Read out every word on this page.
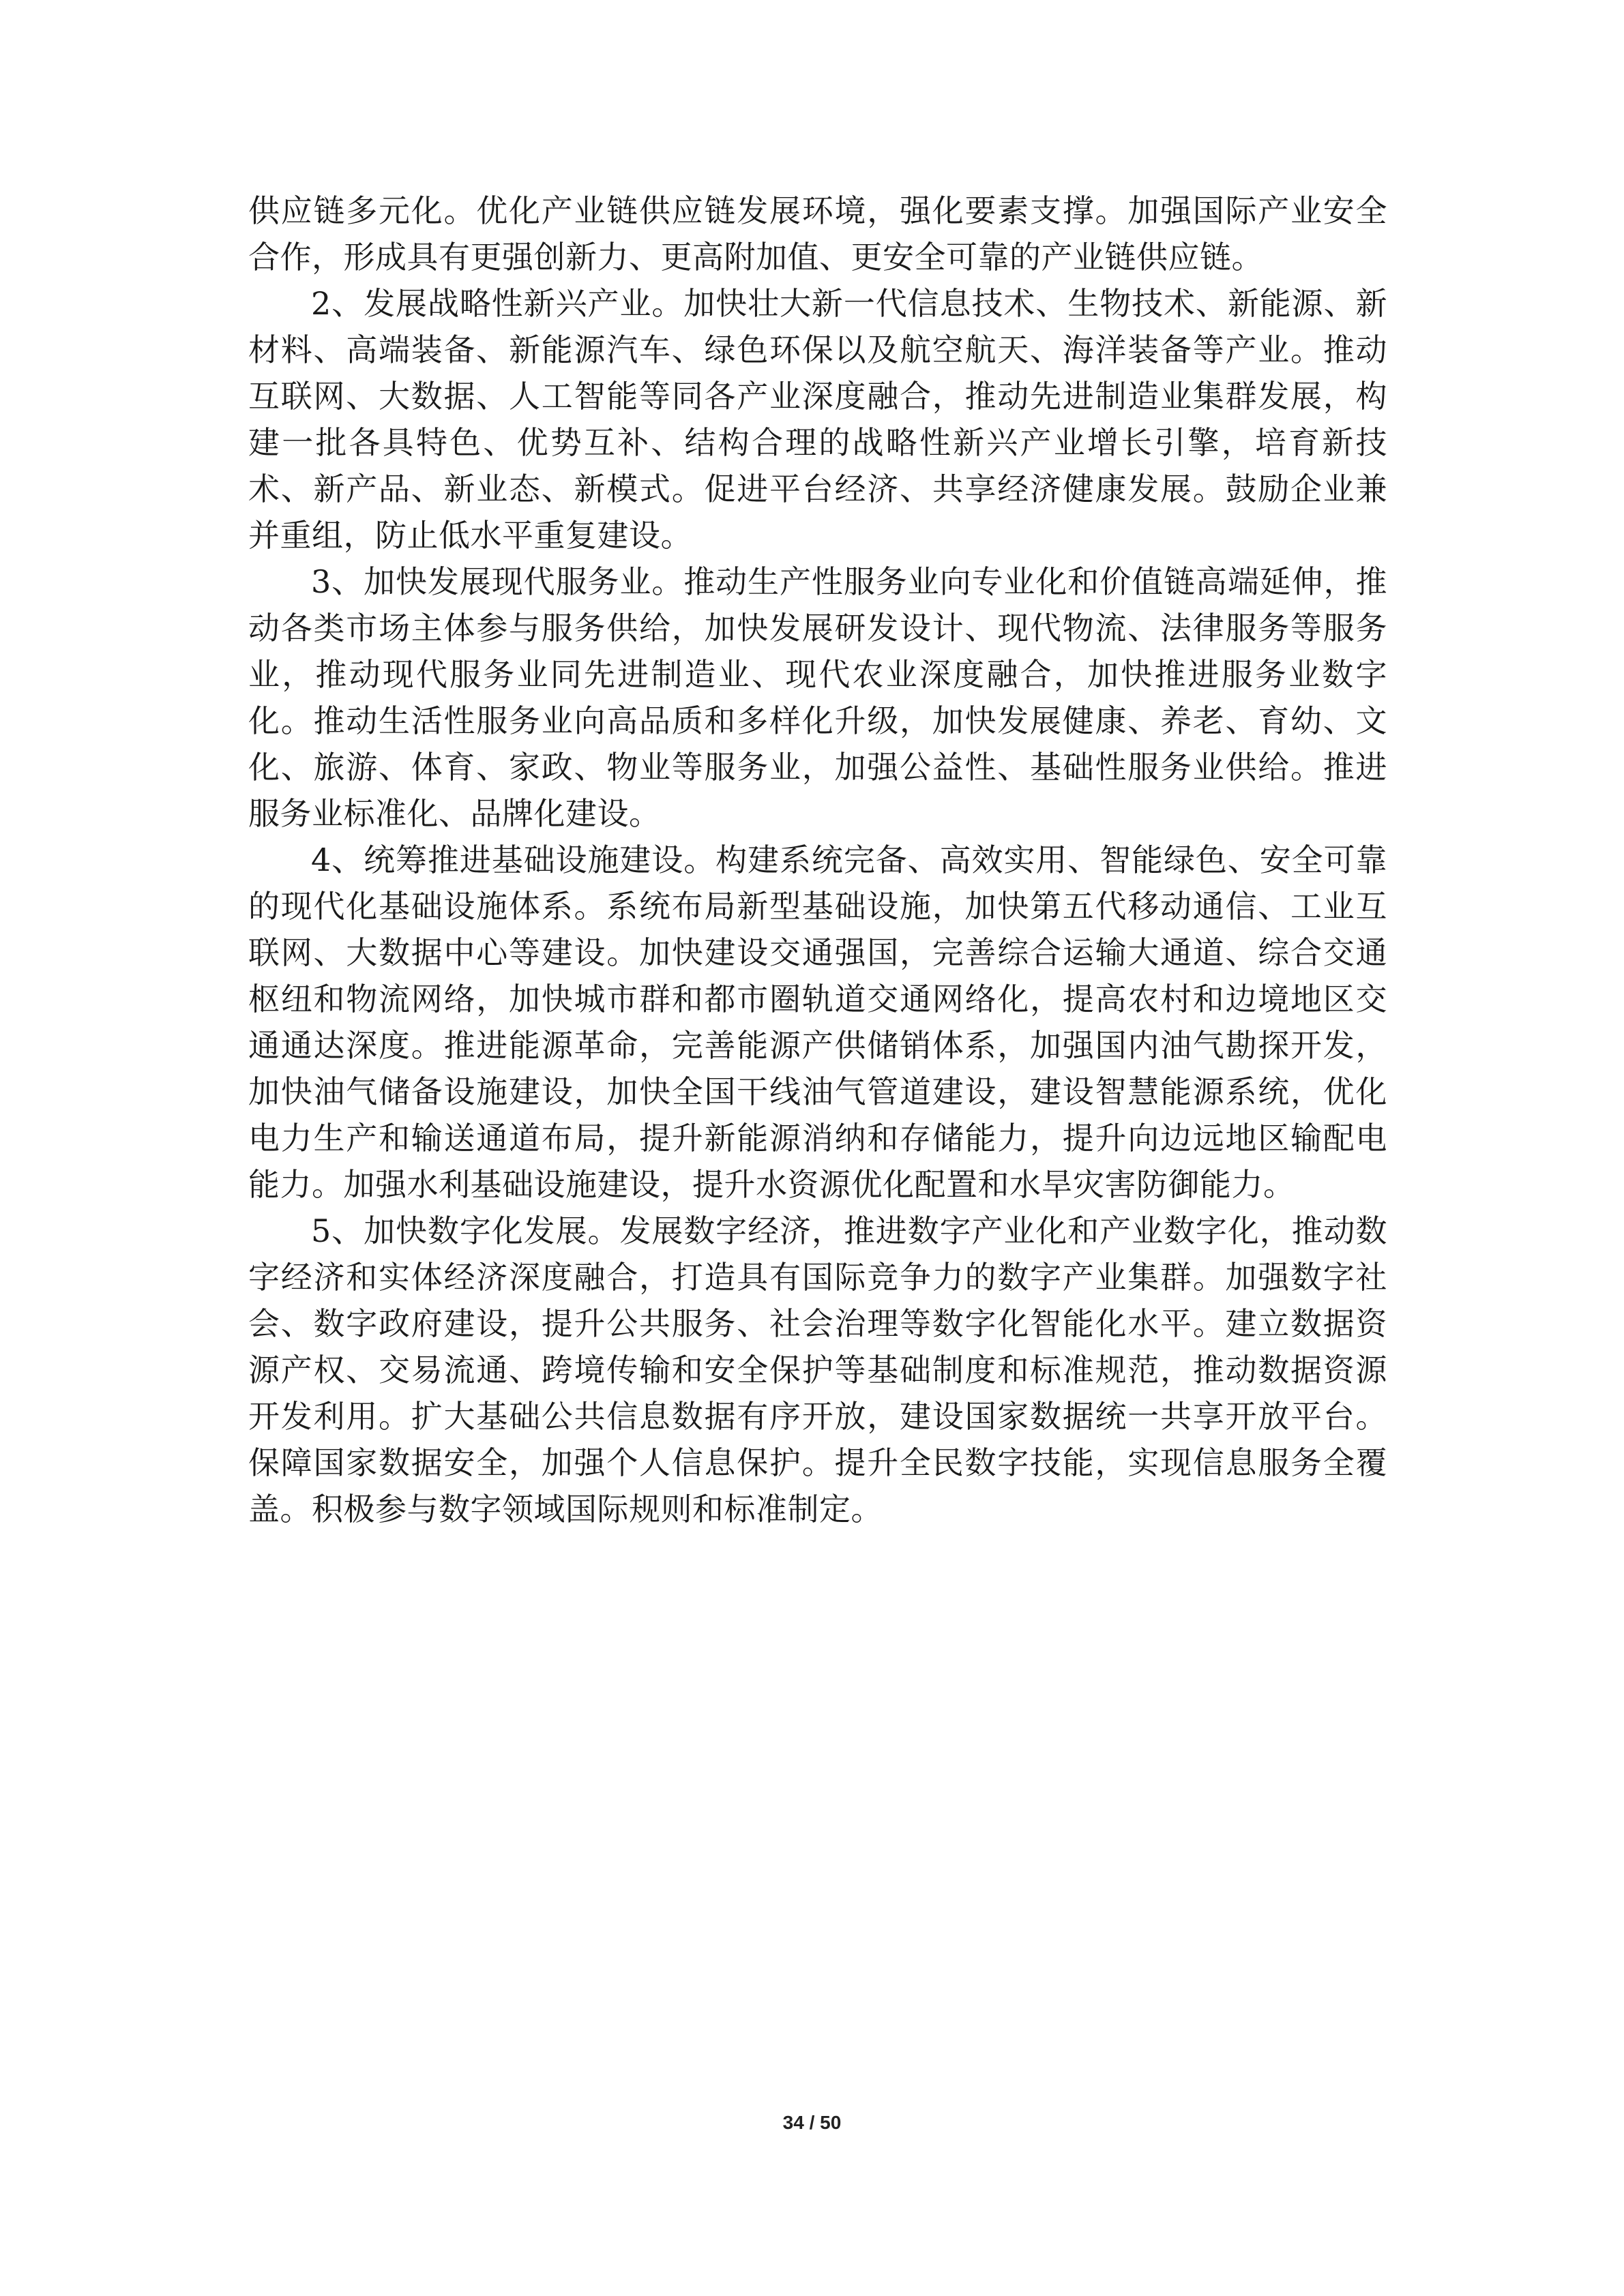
供应链多元化。优化产业链供应链发展环境，强化要素支撑。加强国际产业安全合作，形成具有更强创新力、更高附加值、更安全可靠的产业链供应链。

2、发展战略性新兴产业。加快壮大新一代信息技术、生物技术、新能源、新材料、高端装备、新能源汽车、绿色环保以及航空航天、海洋装备等产业。推动互联网、大数据、人工智能等同各产业深度融合，推动先进制造业集群发展，构建一批各具特色、优势互补、结构合理的战略性新兴产业增长引擎，培育新技术、新产品、新业态、新模式。促进平台经济、共享经济健康发展。鼓励企业兼并重组，防止低水平重复建设。

3、加快发展现代服务业。推动生产性服务业向专业化和价值链高端延伸，推动各类市场主体参与服务供给，加快发展研发设计、现代物流、法律服务等服务业，推动现代服务业同先进制造业、现代农业深度融合，加快推进服务业数字化。推动生活性服务业向高品质和多样化升级，加快发展健康、养老、育幼、文化、旅游、体育、家政、物业等服务业，加强公益性、基础性服务业供给。推进服务业标准化、品牌化建设。

4、统筹推进基础设施建设。构建系统完备、高效实用、智能绿色、安全可靠的现代化基础设施体系。系统布局新型基础设施，加快第五代移动通信、工业互联网、大数据中心等建设。加快建设交通强国，完善综合运输大通道、综合交通枢纽和物流网络，加快城市群和都市圈轨道交通网络化，提高农村和边境地区交通通达深度。推进能源革命，完善能源产供储销体系，加强国内油气勘探开发，加快油气储备设施建设，加快全国干线油气管道建设，建设智慧能源系统，优化电力生产和输送通道布局，提升新能源消纳和存储能力，提升向边远地区输配电能力。加强水利基础设施建设，提升水资源优化配置和水旱灾害防御能力。

5、加快数字化发展。发展数字经济，推进数字产业化和产业数字化，推动数字经济和实体经济深度融合，打造具有国际竞争力的数字产业集群。加强数字社会、数字政府建设，提升公共服务、社会治理等数字化智能化水平。建立数据资源产权、交易流通、跨境传输和安全保护等基础制度和标准规范，推动数据资源开发利用。扩大基础公共信息数据有序开放，建设国家数据统一共享开放平台。保障国家数据安全，加强个人信息保护。提升全民数字技能，实现信息服务全覆盖。积极参与数字领域国际规则和标准制定。

34 / 50
